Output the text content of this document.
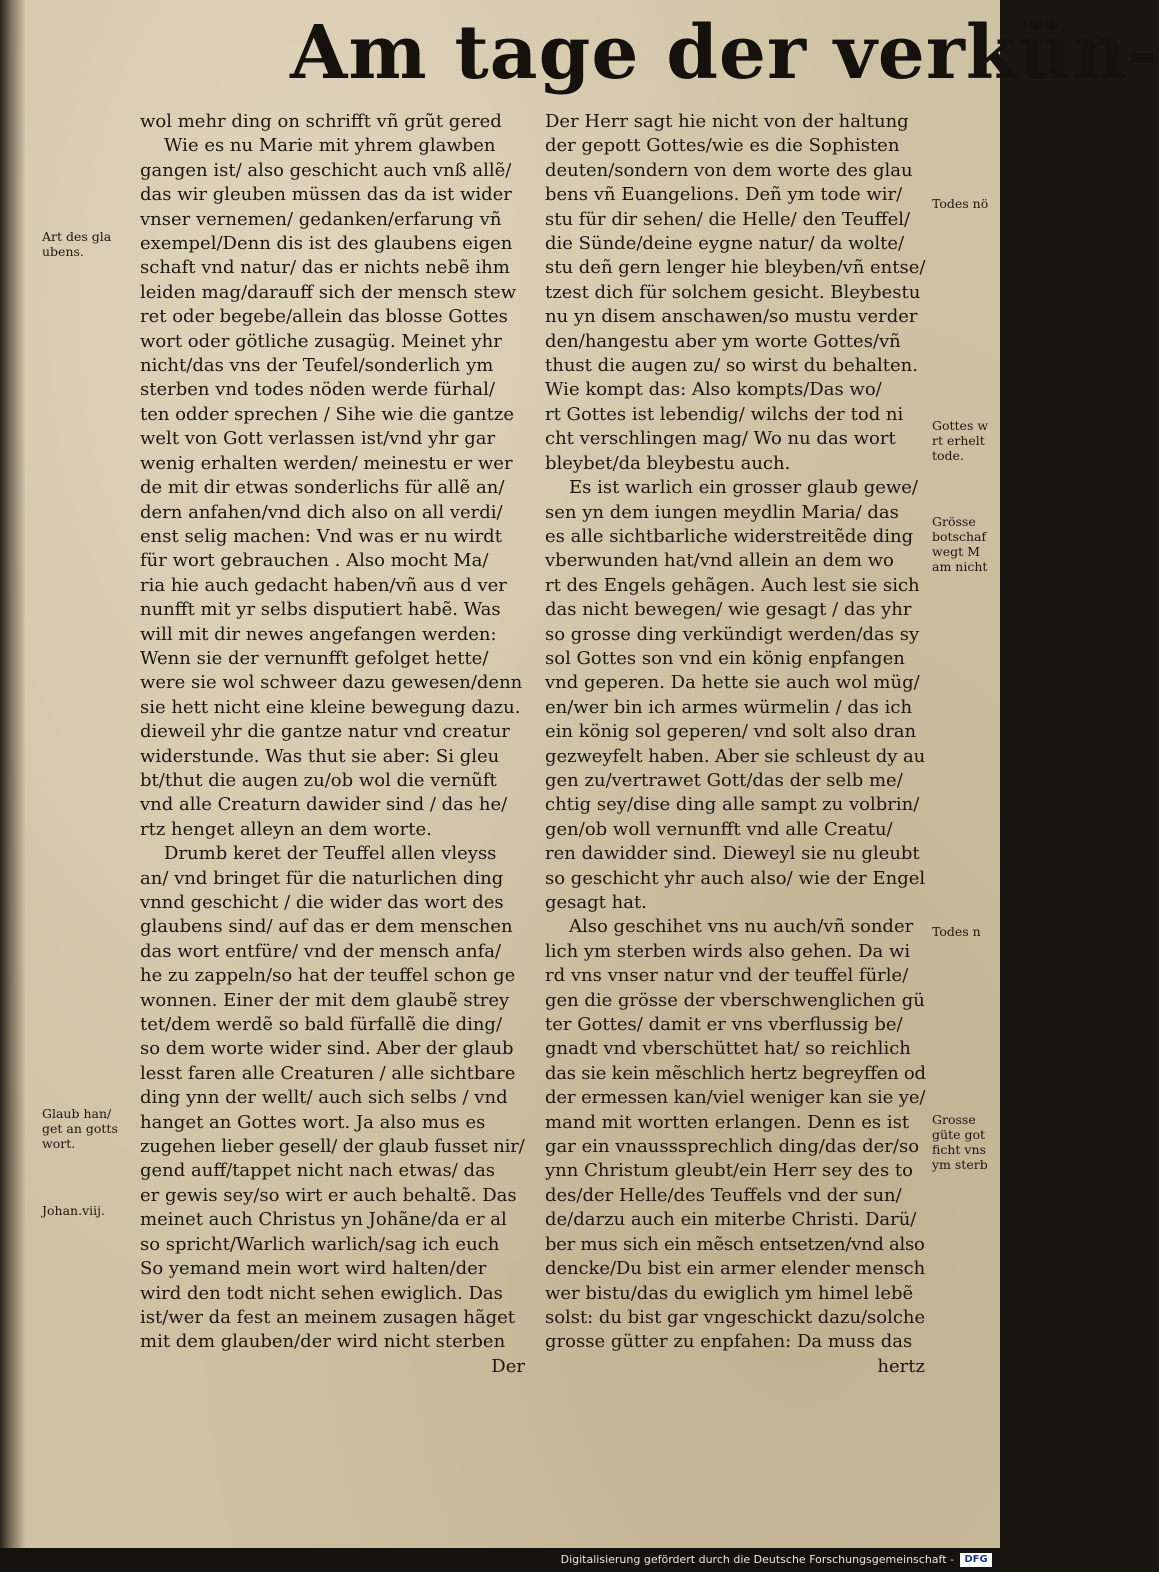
Am tage der verkün-
wol mehr ding on schrifft vñ grũt gered
Wie es nu Marie mit yhrem glawben
gangen ist/ also geschicht auch vnß allẽ/
das wir gleuben müssen das da ist wider
vnser vernemen/ gedanken/erfarung vñ
exempel/Denn dis ist des glaubens eigen
schaft vnd natur/ das er nichts nebẽ ihm
leiden mag/darauff sich der mensch stew
ret oder begebe/allein das blosse Gottes
wort oder götliche zusagüg. Meinet yhr
nicht/das vns der Teufel/sonderlich ym
sterben vnd todes nöden werde fürhal/
ten odder sprechen / Sihe wie die gantze
welt von Gott verlassen ist/vnd yhr gar
wenig erhalten werden/ meinestu er wer
de mit dir etwas sonderlichs für allẽ an/
dern anfahen/vnd dich also on all verdi/
enst selig machen: Vnd was er nu wirdt
für wort gebrauchen . Also mocht Ma/
ria hie auch gedacht haben/vñ aus d ver
nunfft mit yr selbs disputiert habẽ. Was
will mit dir newes angefangen werden:
Wenn sie der vernunfft gefolget hette/
were sie wol schweer dazu gewesen/denn
sie hett nicht eine kleine bewegung dazu.
dieweil yhr die gantze natur vnd creatur
widerstunde. Was thut sie aber: Si gleu
bt/thut die augen zu/ob wol die vernũft
vnd alle Creaturn dawider sind / das he/
rtz henget alleyn an dem worte.
Drumb keret der Teuffel allen vleyss
an/ vnd bringet für die naturlichen ding
vnnd geschicht / die wider das wort des
glaubens sind/ auf das er dem menschen
das wort entfüre/ vnd der mensch anfa/
he zu zappeln/so hat der teuffel schon ge
wonnen. Einer der mit dem glaubẽ strey
tet/dem werdẽ so bald fürfallẽ die ding/
so dem worte wider sind. Aber der glaub
lesst faren alle Creaturen / alle sichtbare
ding ynn der wellt/ auch sich selbs / vnd
hanget an Gottes wort. Ja also mus es
zugehen lieber gesell/ der glaub fusset nir/
gend auff/tappet nicht nach etwas/ das
er gewis sey/so wirt er auch behaltẽ. Das
meinet auch Christus yn Johãne/da er al
so spricht/Warlich warlich/sag ich euch
So yemand mein wort wird halten/der
wird den todt nicht sehen ewiglich. Das
ist/wer da fest an meinem zusagen hãget
mit dem glauben/der wird nicht sterben
Der
Der Herr sagt hie nicht von der haltung
der gepott Gottes/wie es die Sophisten
deuten/sondern von dem worte des glau
bens vñ Euangelions. Deñ ym tode wir/
stu für dir sehen/ die Helle/ den Teuffel/
die Sünde/deine eygne natur/ da wolte/
stu deñ gern lenger hie bleyben/vñ entse/
tzest dich für solchem gesicht. Bleybestu
nu yn disem anschawen/so mustu verder
den/hangestu aber ym worte Gottes/vñ
thust die augen zu/ so wirst du behalten.
Wie kompt das: Also kompts/Das wo/
rt Gottes ist lebendig/ wilchs der tod ni
cht verschlingen mag/ Wo nu das wort
bleybet/da bleybestu auch.
Es ist warlich ein grosser glaub gewe/
sen yn dem iungen meydlin Maria/ das
es alle sichtbarliche widerstreitẽde ding
vberwunden hat/vnd allein an dem wo
rt des Engels gehãgen. Auch lest sie sich
das nicht bewegen/ wie gesagt / das yhr
so grosse ding verkündigt werden/das sy
sol Gottes son vnd ein könig enpfangen
vnd geperen. Da hette sie auch wol müg/
en/wer bin ich armes würmelin / das ich
ein könig sol geperen/ vnd solt also dran
gezweyfelt haben. Aber sie schleust dy au
gen zu/vertrawet Gott/das der selb me/
chtig sey/dise ding alle sampt zu volbrin/
gen/ob woll vernunfft vnd alle Creatu/
ren dawidder sind. Dieweyl sie nu gleubt
so geschicht yhr auch also/ wie der Engel
gesagt hat.
Also geschihet vns nu auch/vñ sonder
lich ym sterben wirds also gehen. Da wi
rd vns vnser natur vnd der teuffel fürle/
gen die grösse der vberschwenglichen gü
ter Gottes/ damit er vns vberflussig be/
gnadt vnd vberschüttet hat/ so reichlich
das sie kein mẽschlich hertz begreyffen od
der ermessen kan/viel weniger kan sie ye/
mand mit wortten erlangen. Denn es ist
gar ein vnausssprechlich ding/das der/so
ynn Christum gleubt/ein Herr sey des to
des/der Helle/des Teuffels vnd der sun/
de/darzu auch ein miterbe Christi. Darü/
ber mus sich ein mẽsch entsetzen/vnd also
dencke/Du bist ein armer elender mensch
wer bistu/das du ewiglich ym himel lebẽ
solst: du bist gar vngeschickt dazu/solche
grosse gütter zu enpfahen: Da muss das
hertz
Art des gla
ubens.
Glaub han/
get an gotts
wort.
Johan.viij.
Todes nö
Gottes w
rt erhelt
tode.
Grösse
botschaf
wegt M
am nicht
Todes n
Grosse
güte got
ficht vns
ym sterb
Digitalisierung gefördert durch die Deutsche Forschungsgemeinschaft -	DFG
